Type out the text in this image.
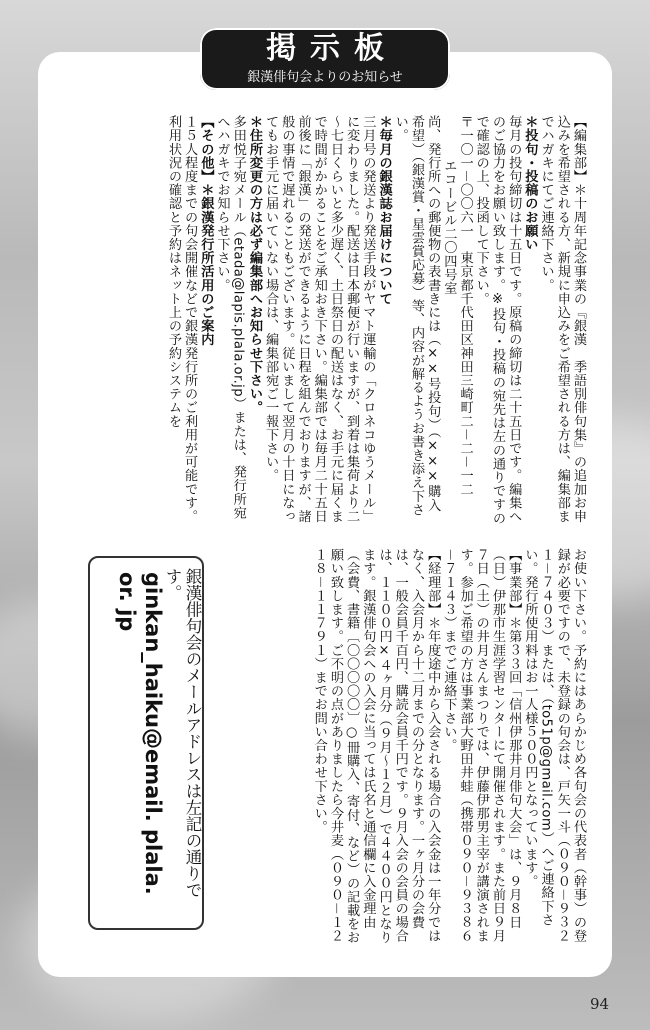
掲示板
銀漢俳句会よりのお知らせ

【編集部】＊十周年記念事業の『銀漢　季語別俳句集』の追加お申込みを希望される方、新規に申込みをご希望される方は、編集部までハガキにてご連絡下さい。

＊投句・投稿のお願い

毎月の投句締切は十五日です。原稿の締切は二十五日です。編集へのご協力をお願い致します。※投句・投稿の宛先は左の通りですので確認の上、投函して下さい。

〒一〇一－〇〇六一　東京都千代田区神田三崎町二－二－一二

エコービル二〇四号室

尚、発行所への郵便物の表書きには（××号投句）（×××購入希望）（銀漢賞・星雲賞応募）等、内容が解るようお書き添え下さい。

＊毎月の銀漢誌お届けについて

三月号の発送より発送手段がヤマト運輸の「クロネコゆうメール」に変わりました。配送は日本郵便が行いますが、到着は集荷より二～七日くらいと多少遅く、土日祭日の配送はなく、お手元に届くまで時間がかかることをご承知おき下さい。編集部では毎月二十五日前後に「銀漢」の発送ができるように日程を組んでおりますが、諸般の事情で遅れることもございます。従いまして翌月の十日になってもお手元に届いていない場合は、編集部宛ご一報下さい。

＊住所変更の方は必ず編集部へお知らせ下さい。

多田悦子宛メール（etada@lapis.plala.or.jp）または、発行所宛へハガキでお知らせ下さい。

【その他】＊銀漢発行所活用のご案内

１５人程度までの句会開催などで銀漢発行所のご利用が可能です。利用状況の確認と予約はネット上の予約システムを

お使い下さい。予約にはあらかじめ各句会の代表者（幹事）の登録が必要ですので、未登録の句会は、戸矢一斗（０９０－９３２１－７４０３）または、（to51p@gmail.com）へご連絡下さい。発行所使用料はお一人様５００円となっています。

【事業部】＊第３３回「信州伊那井月俳句大会」は、９月８日（日）伊那市生涯学習センターにて開催されます。また前日９月７日（土）の井月さんまつりでは、伊藤伊那男主宰が講演されます。参加ご希望の方は事業部大野田井蛙（携帯０９０－９３８６－７１４３）までご連絡下さい。

【経理部】＊年度途中から入会される場合の入会金は一年分ではなく、入会月から十二月までの分となります。一ヶ月分の会費は、一般会員千百円、購読会員千円です。９月入会の会員の場合は、１１００円×４ヶ月分（９月～１２月）で４４００円となります。銀漢俳句会への入会に当っては氏名と通信欄に入金理由（会費、書籍〔〇〇〇〇〇〕○冊購入、寄付、など）の記載をお願い致します。ご不明の点がありましたら今井麦（０９０－１２１８－１１７９１）までお問い合わせ下さい。

銀漢俳句会のメールアドレスは左記の通りです。
ginkan_haiku@email. plala. or. jp
94
